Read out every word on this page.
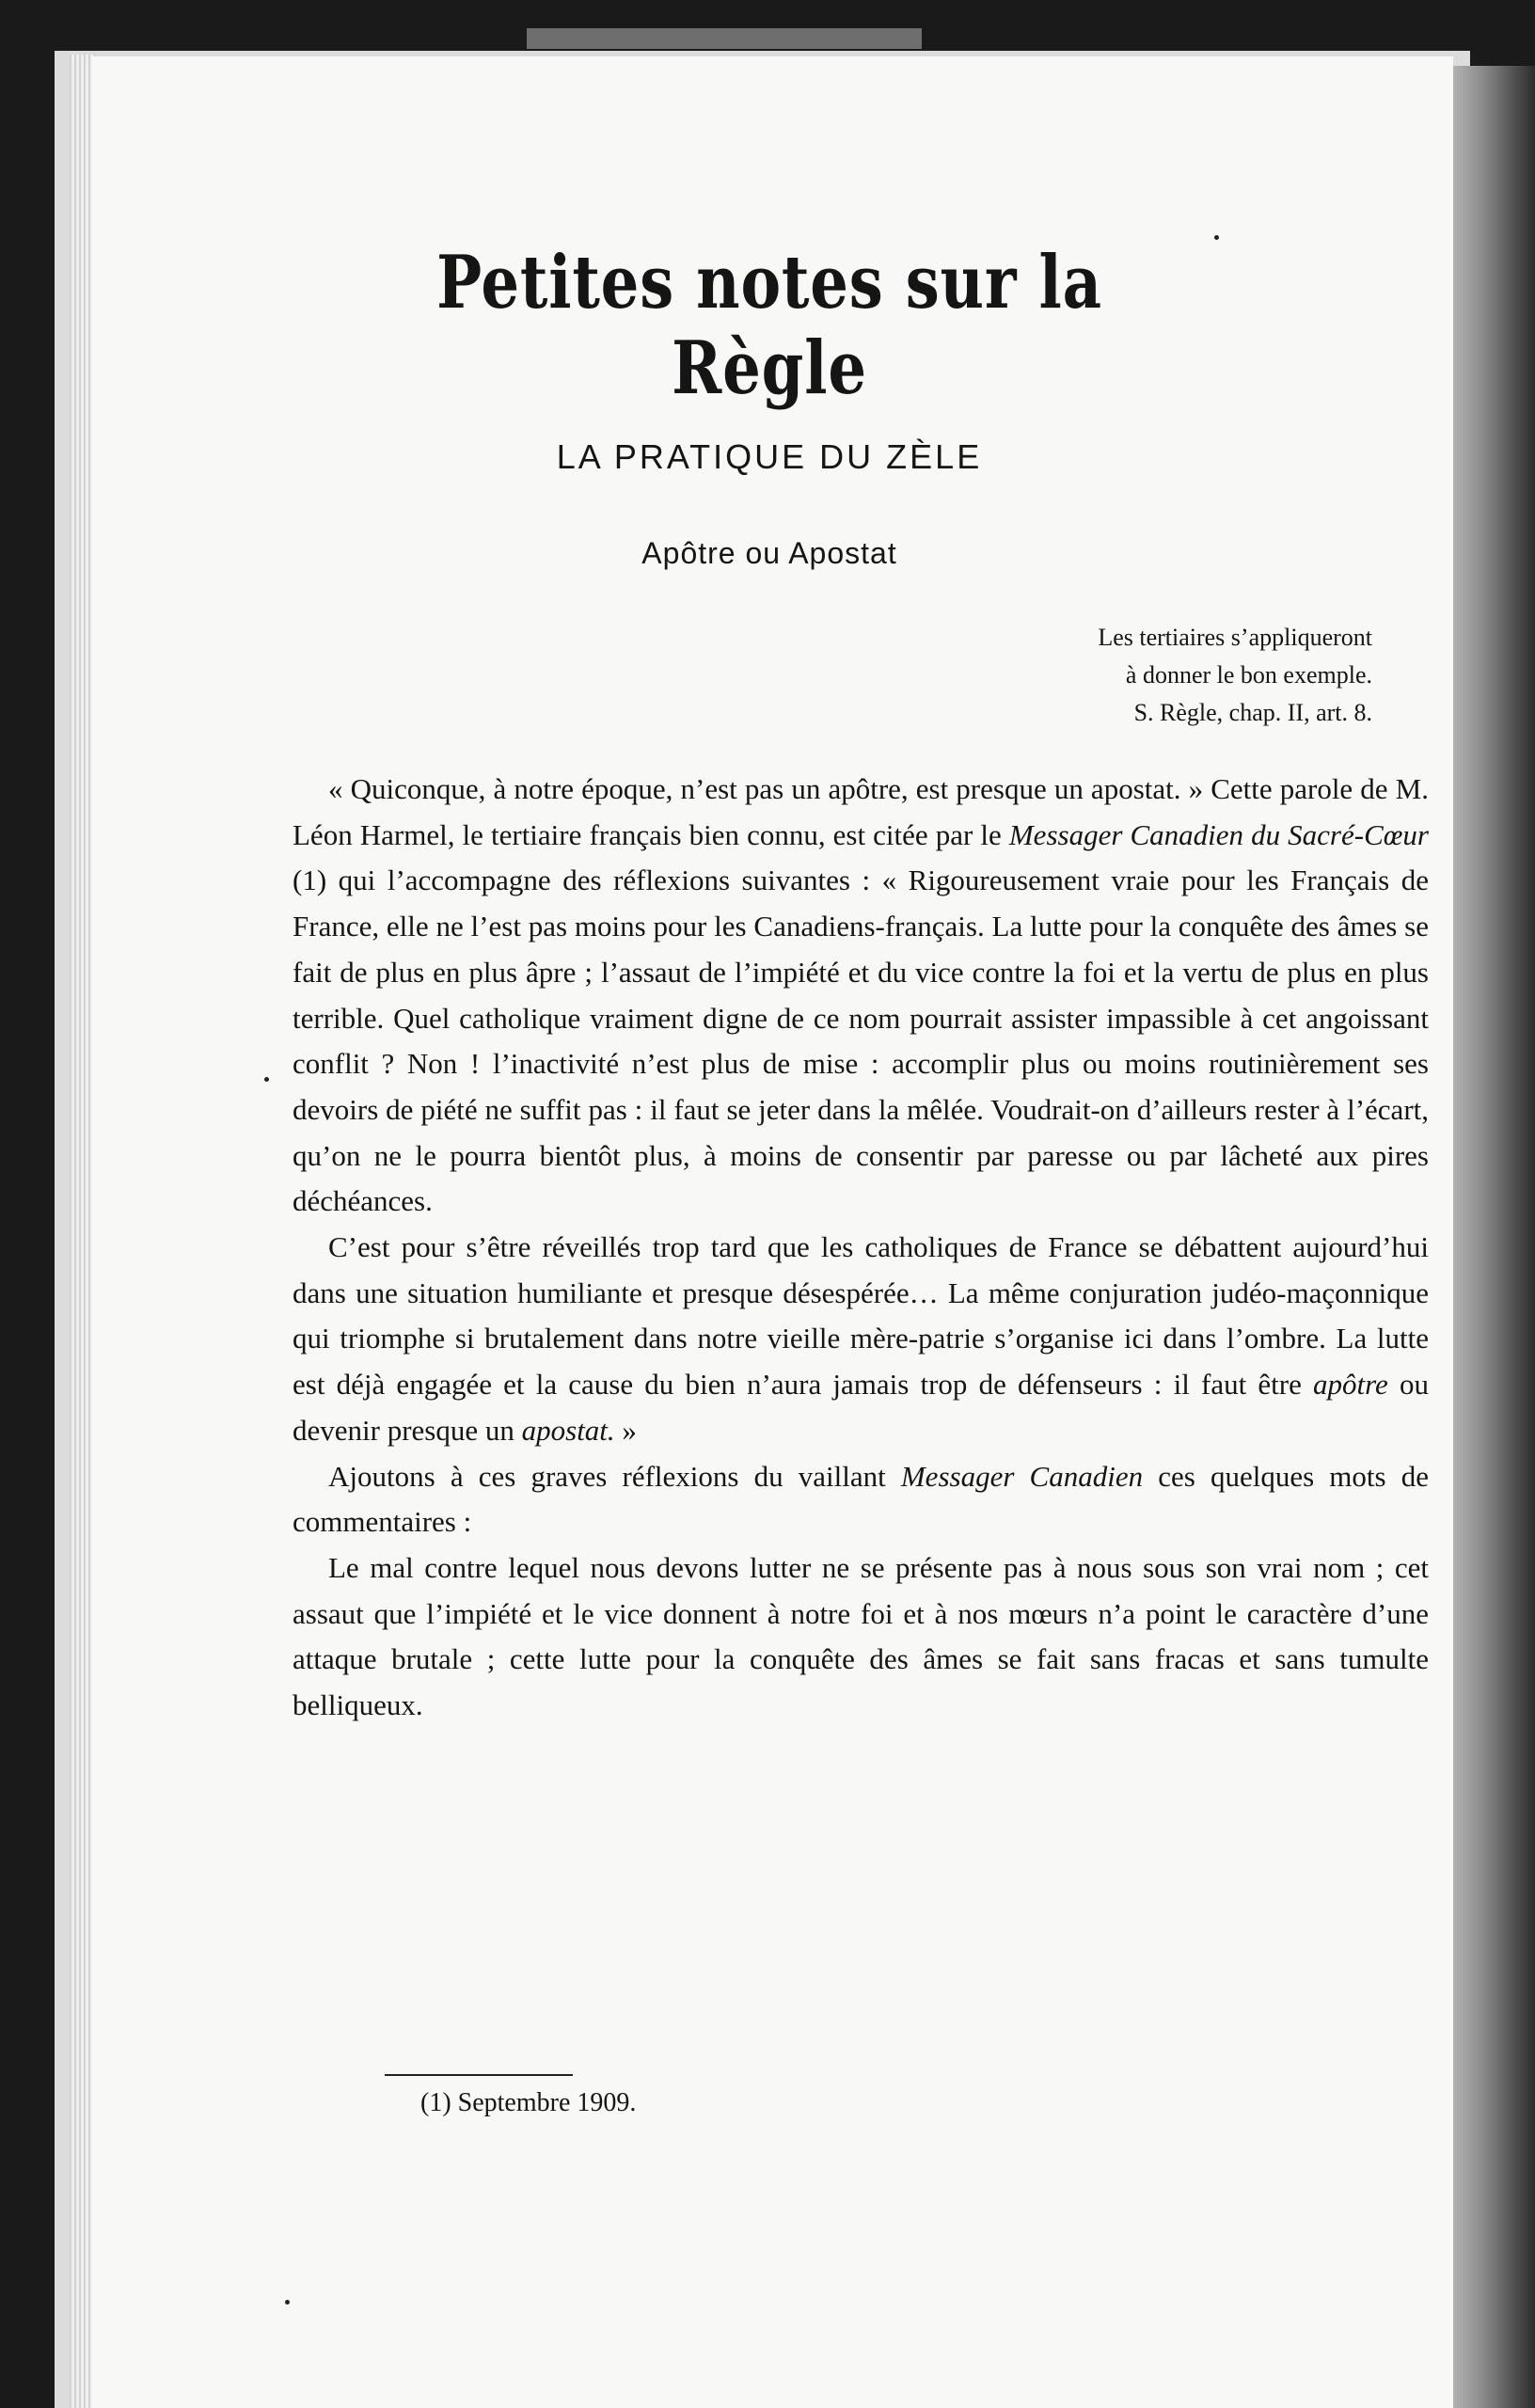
Petites notes sur la Règle
LA PRATIQUE DU ZÈLE
Apôtre ou Apostat
Les tertiaires s’appliqueront
à donner le bon exemple.
S. Règle, chap. II, art. 8.

« Quiconque, à notre époque, n’est pas un apôtre, est presque un apostat. » Cette parole de M. Léon Harmel, le tertiaire français bien connu, est citée par le Messager Canadien du Sacré-Cœur (1) qui l’accompagne des réflexions suivantes : « Rigoureusement vraie pour les Français de France, elle ne l’est pas moins pour les Canadiens-français. La lutte pour la conquête des âmes se fait de plus en plus âpre ; l’assaut de l’impiété et du vice contre la foi et la vertu de plus en plus terrible. Quel catholique vraiment digne de ce nom pourrait assister impassible à cet angoissant conflit ? Non ! l’inactivité n’est plus de mise : accomplir plus ou moins routinièrement ses devoirs de piété ne suffit pas : il faut se jeter dans la mêlée. Voudrait-on d’ailleurs rester à l’écart, qu’on ne le pourra bientôt plus, à moins de consentir par paresse ou par lâcheté aux pires déchéances.

C’est pour s’être réveillés trop tard que les catholiques de France se débattent aujourd’hui dans une situation humiliante et presque désespérée… La même conjuration judéo-maçonnique qui triomphe si brutalement dans notre vieille mère-patrie s’organise ici dans l’ombre. La lutte est déjà engagée et la cause du bien n’aura jamais trop de défenseurs : il faut être apôtre ou devenir presque un apostat. »

Ajoutons à ces graves réflexions du vaillant Messager Canadien ces quelques mots de commentaires :

Le mal contre lequel nous devons lutter ne se présente pas à nous sous son vrai nom ; cet assaut que l’impiété et le vice donnent à notre foi et à nos mœurs n’a point le caractère d’une attaque brutale ; cette lutte pour la conquête des âmes se fait sans fracas et sans tumulte belliqueux.

(1) Septembre 1909.
